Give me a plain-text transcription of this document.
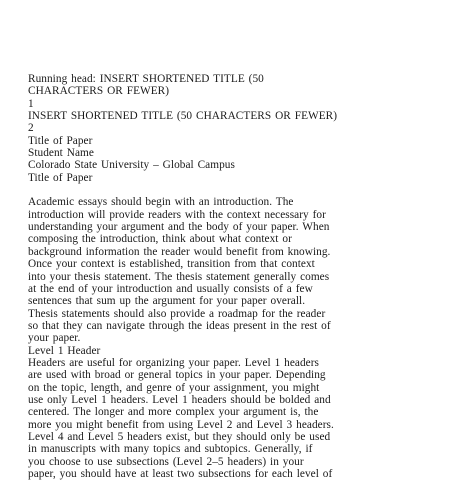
Running head: INSERT SHORTENED TITLE (50
CHARACTERS OR FEWER)
1
INSERT SHORTENED TITLE (50 CHARACTERS OR FEWER)
2
Title of Paper
Student Name
Colorado State University – Global Campus
Title of Paper
Academic essays should begin with an introduction. The
introduction will provide readers with the context necessary for
understanding your argument and the body of your paper. When
composing the introduction, think about what context or
background information the reader would benefit from knowing.
Once your context is established, transition from that context
into your thesis statement. The thesis statement generally comes
at the end of your introduction and usually consists of a few
sentences that sum up the argument for your paper overall.
Thesis statements should also provide a roadmap for the reader
so that they can navigate through the ideas present in the rest of
your paper.
Level 1 Header
Headers are useful for organizing your paper. Level 1 headers
are used with broad or general topics in your paper. Depending
on the topic, length, and genre of your assignment, you might
use only Level 1 headers. Level 1 headers should be bolded and
centered. The longer and more complex your argument is, the
more you might benefit from using Level 2 and Level 3 headers.
Level 4 and Level 5 headers exist, but they should only be used
in manuscripts with many topics and subtopics. Generally, if
you choose to use subsections (Level 2–5 headers) in your
paper, you should have at least two subsections for each level of
